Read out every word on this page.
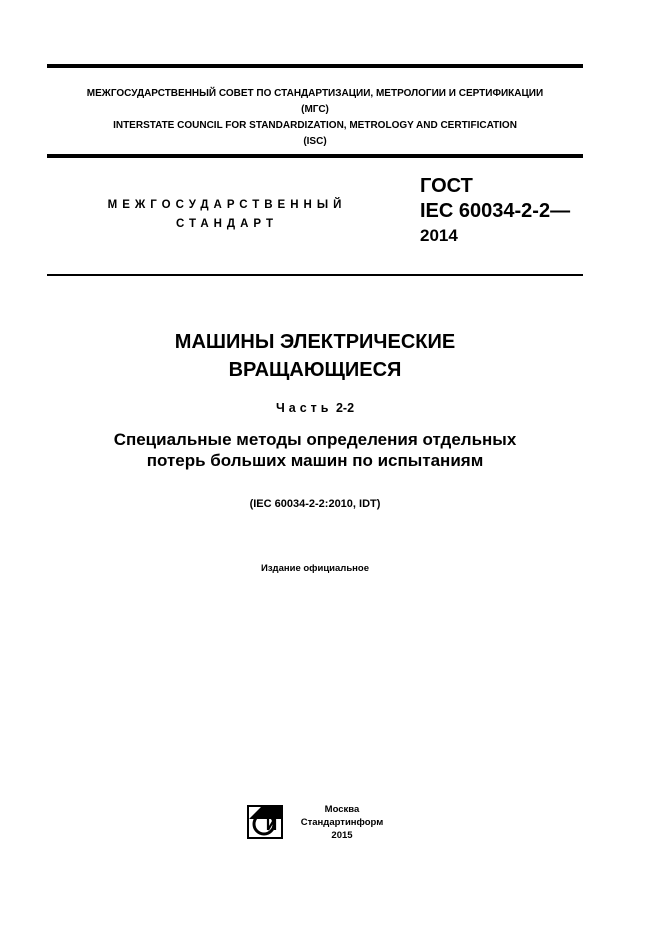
МЕЖГОСУДАРСТВЕННЫЙ СОВЕТ ПО СТАНДАРТИЗАЦИИ, МЕТРОЛОГИИ И СЕРТИФИКАЦИИ
(МГС)
INTERSTATE COUNCIL FOR STANDARDIZATION, METROLOGY AND CERTIFICATION
(ISC)
МЕЖГОСУДАРСТВЕННЫЙ
СТАНДАРТ
ГОСТ
IEC 60034-2-2—
2014
МАШИНЫ ЭЛЕКТРИЧЕСКИЕ
ВРАЩАЮЩИЕСЯ
Часть 2-2
Специальные методы определения отдельных
потерь больших машин по испытаниям
(IEC 60034-2-2:2010, IDT)
Издание официальное
Москва
Стандартинформ
2015
